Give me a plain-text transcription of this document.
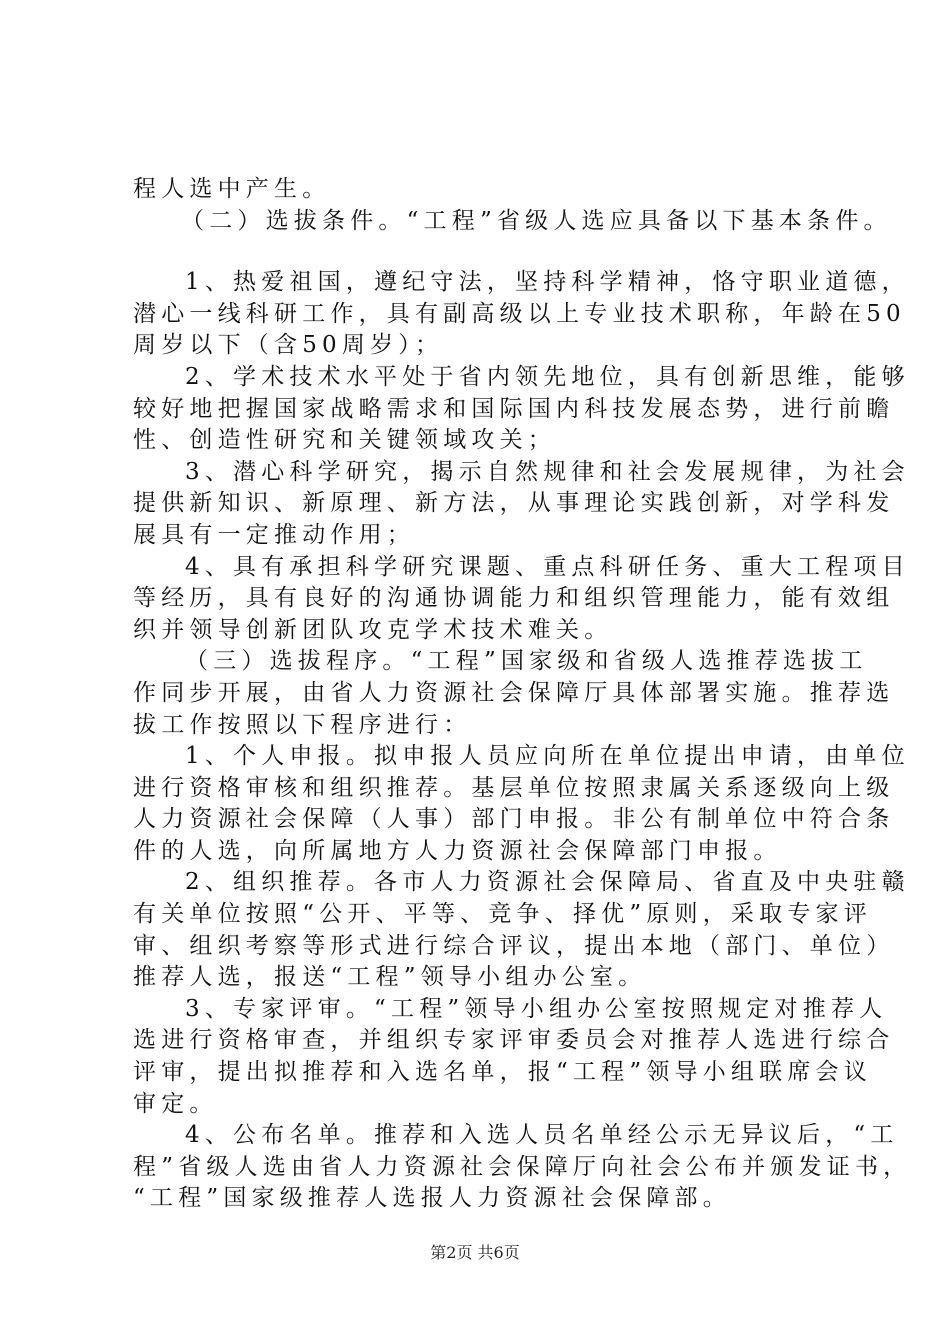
程人选中产生。
（二）选拔条件。“工程”省级人选应具备以下基本条件。
1、热爱祖国，遵纪守法，坚持科学精神，恪守职业道德，
潜心一线科研工作，具有副高级以上专业技术职称，年龄在50
周岁以下（含50周岁）；
2、学术技术水平处于省内领先地位，具有创新思维，能够
较好地把握国家战略需求和国际国内科技发展态势，进行前瞻
性、创造性研究和关键领域攻关；
3、潜心科学研究，揭示自然规律和社会发展规律，为社会
提供新知识、新原理、新方法，从事理论实践创新，对学科发
展具有一定推动作用；
4、具有承担科学研究课题、重点科研任务、重大工程项目
等经历，具有良好的沟通协调能力和组织管理能力，能有效组
织并领导创新团队攻克学术技术难关。
（三）选拔程序。“工程”国家级和省级人选推荐选拔工
作同步开展，由省人力资源社会保障厅具体部署实施。推荐选
拔工作按照以下程序进行：
1、个人申报。拟申报人员应向所在单位提出申请，由单位
进行资格审核和组织推荐。基层单位按照隶属关系逐级向上级
人力资源社会保障（人事）部门申报。非公有制单位中符合条
件的人选，向所属地方人力资源社会保障部门申报。
2、组织推荐。各市人力资源社会保障局、省直及中央驻赣
有关单位按照“公开、平等、竞争、择优”原则，采取专家评
审、组织考察等形式进行综合评议，提出本地（部门、单位）
推荐人选，报送“工程”领导小组办公室。
3、专家评审。“工程”领导小组办公室按照规定对推荐人
选进行资格审查，并组织专家评审委员会对推荐人选进行综合
评审，提出拟推荐和入选名单，报“工程”领导小组联席会议
审定。
4、公布名单。推荐和入选人员名单经公示无异议后，“工
程”省级人选由省人力资源社会保障厅向社会公布并颁发证书，
“工程”国家级推荐人选报人力资源社会保障部。
第2页 共6页
